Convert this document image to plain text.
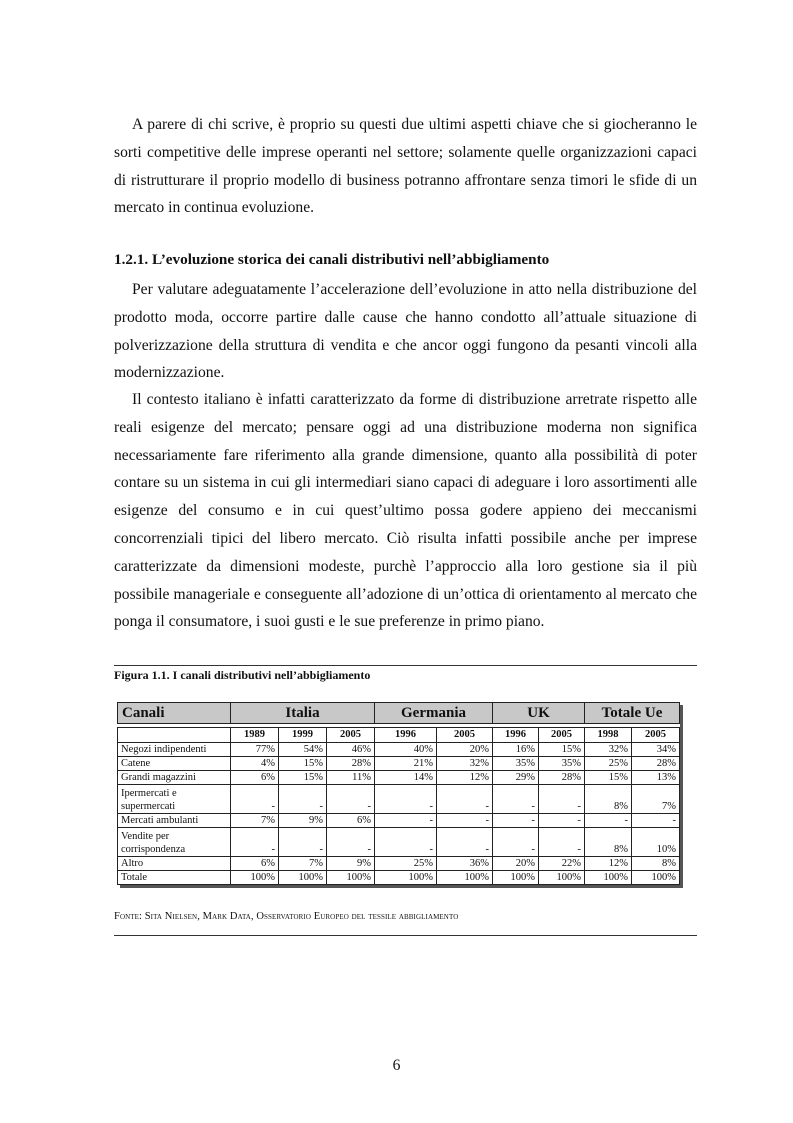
A parere di chi scrive, è proprio su questi due ultimi aspetti chiave che si giocheranno le sorti competitive delle imprese operanti nel settore; solamente quelle organizzazioni capaci di ristrutturare il proprio modello di business potranno affrontare senza timori le sfide di un mercato in continua evoluzione.

1.2.1. L’evoluzione storica dei canali distributivi nell’abbigliamento

Per valutare adeguatamente l’accelerazione dell’evoluzione in atto nella distribuzione del prodotto moda, occorre partire dalle cause che hanno condotto all’attuale situazione di polverizzazione della struttura di vendita e che ancor oggi fungono da pesanti vincoli alla modernizzazione.

Il contesto italiano è infatti caratterizzato da forme di distribuzione arretrate rispetto alle reali esigenze del mercato; pensare oggi ad una distribuzione moderna non significa necessariamente fare riferimento alla grande dimensione, quanto alla possibilità di poter contare su un sistema in cui gli intermediari siano capaci di adeguare i loro assortimenti alle esigenze del consumo e in cui quest’ultimo possa godere appieno dei meccanismi concorrenziali tipici del libero mercato. Ciò risulta infatti possibile anche per imprese caratterizzate da dimensioni modeste, purchè l’approccio alla loro gestione sia il più possibile manageriale e conseguente all’adozione di un’ottica di orientamento al mercato che ponga il consumatore, i suoi gusti e le sue preferenze in primo piano.

Figura 1.1. I canali distributivi nell’abbigliamento

Canali	Italia			Germania		UK		Totale Ue	

	1989	1999	2005	1996	2005	1996	2005	1998	2005
Negozi indipendenti	77%	54%	46%	40%	20%	16%	15%	32%	34%
Catene	4%	15%	28%	21%	32%	35%	35%	25%	28%
Grandi magazzini	6%	15%	11%	14%	12%	29%	28%	15%	13%
Ipermercati e
supermercati	-	-	-	-	-	-	-	8%	7%
Mercati ambulanti	7%	9%	6%	-	-	-	-	-	-
Vendite per
corrispondenza	-	-	-	-	-	-	-	8%	10%
Altro	6%	7%	9%	25%	36%	20%	22%	12%	8%
Totale	100%	100%	100%	100%	100%	100%	100%	100%	100%

Fonte: Sita Nielsen, Mark Data, Osservatorio Europeo del tessile abbigliamento

6
